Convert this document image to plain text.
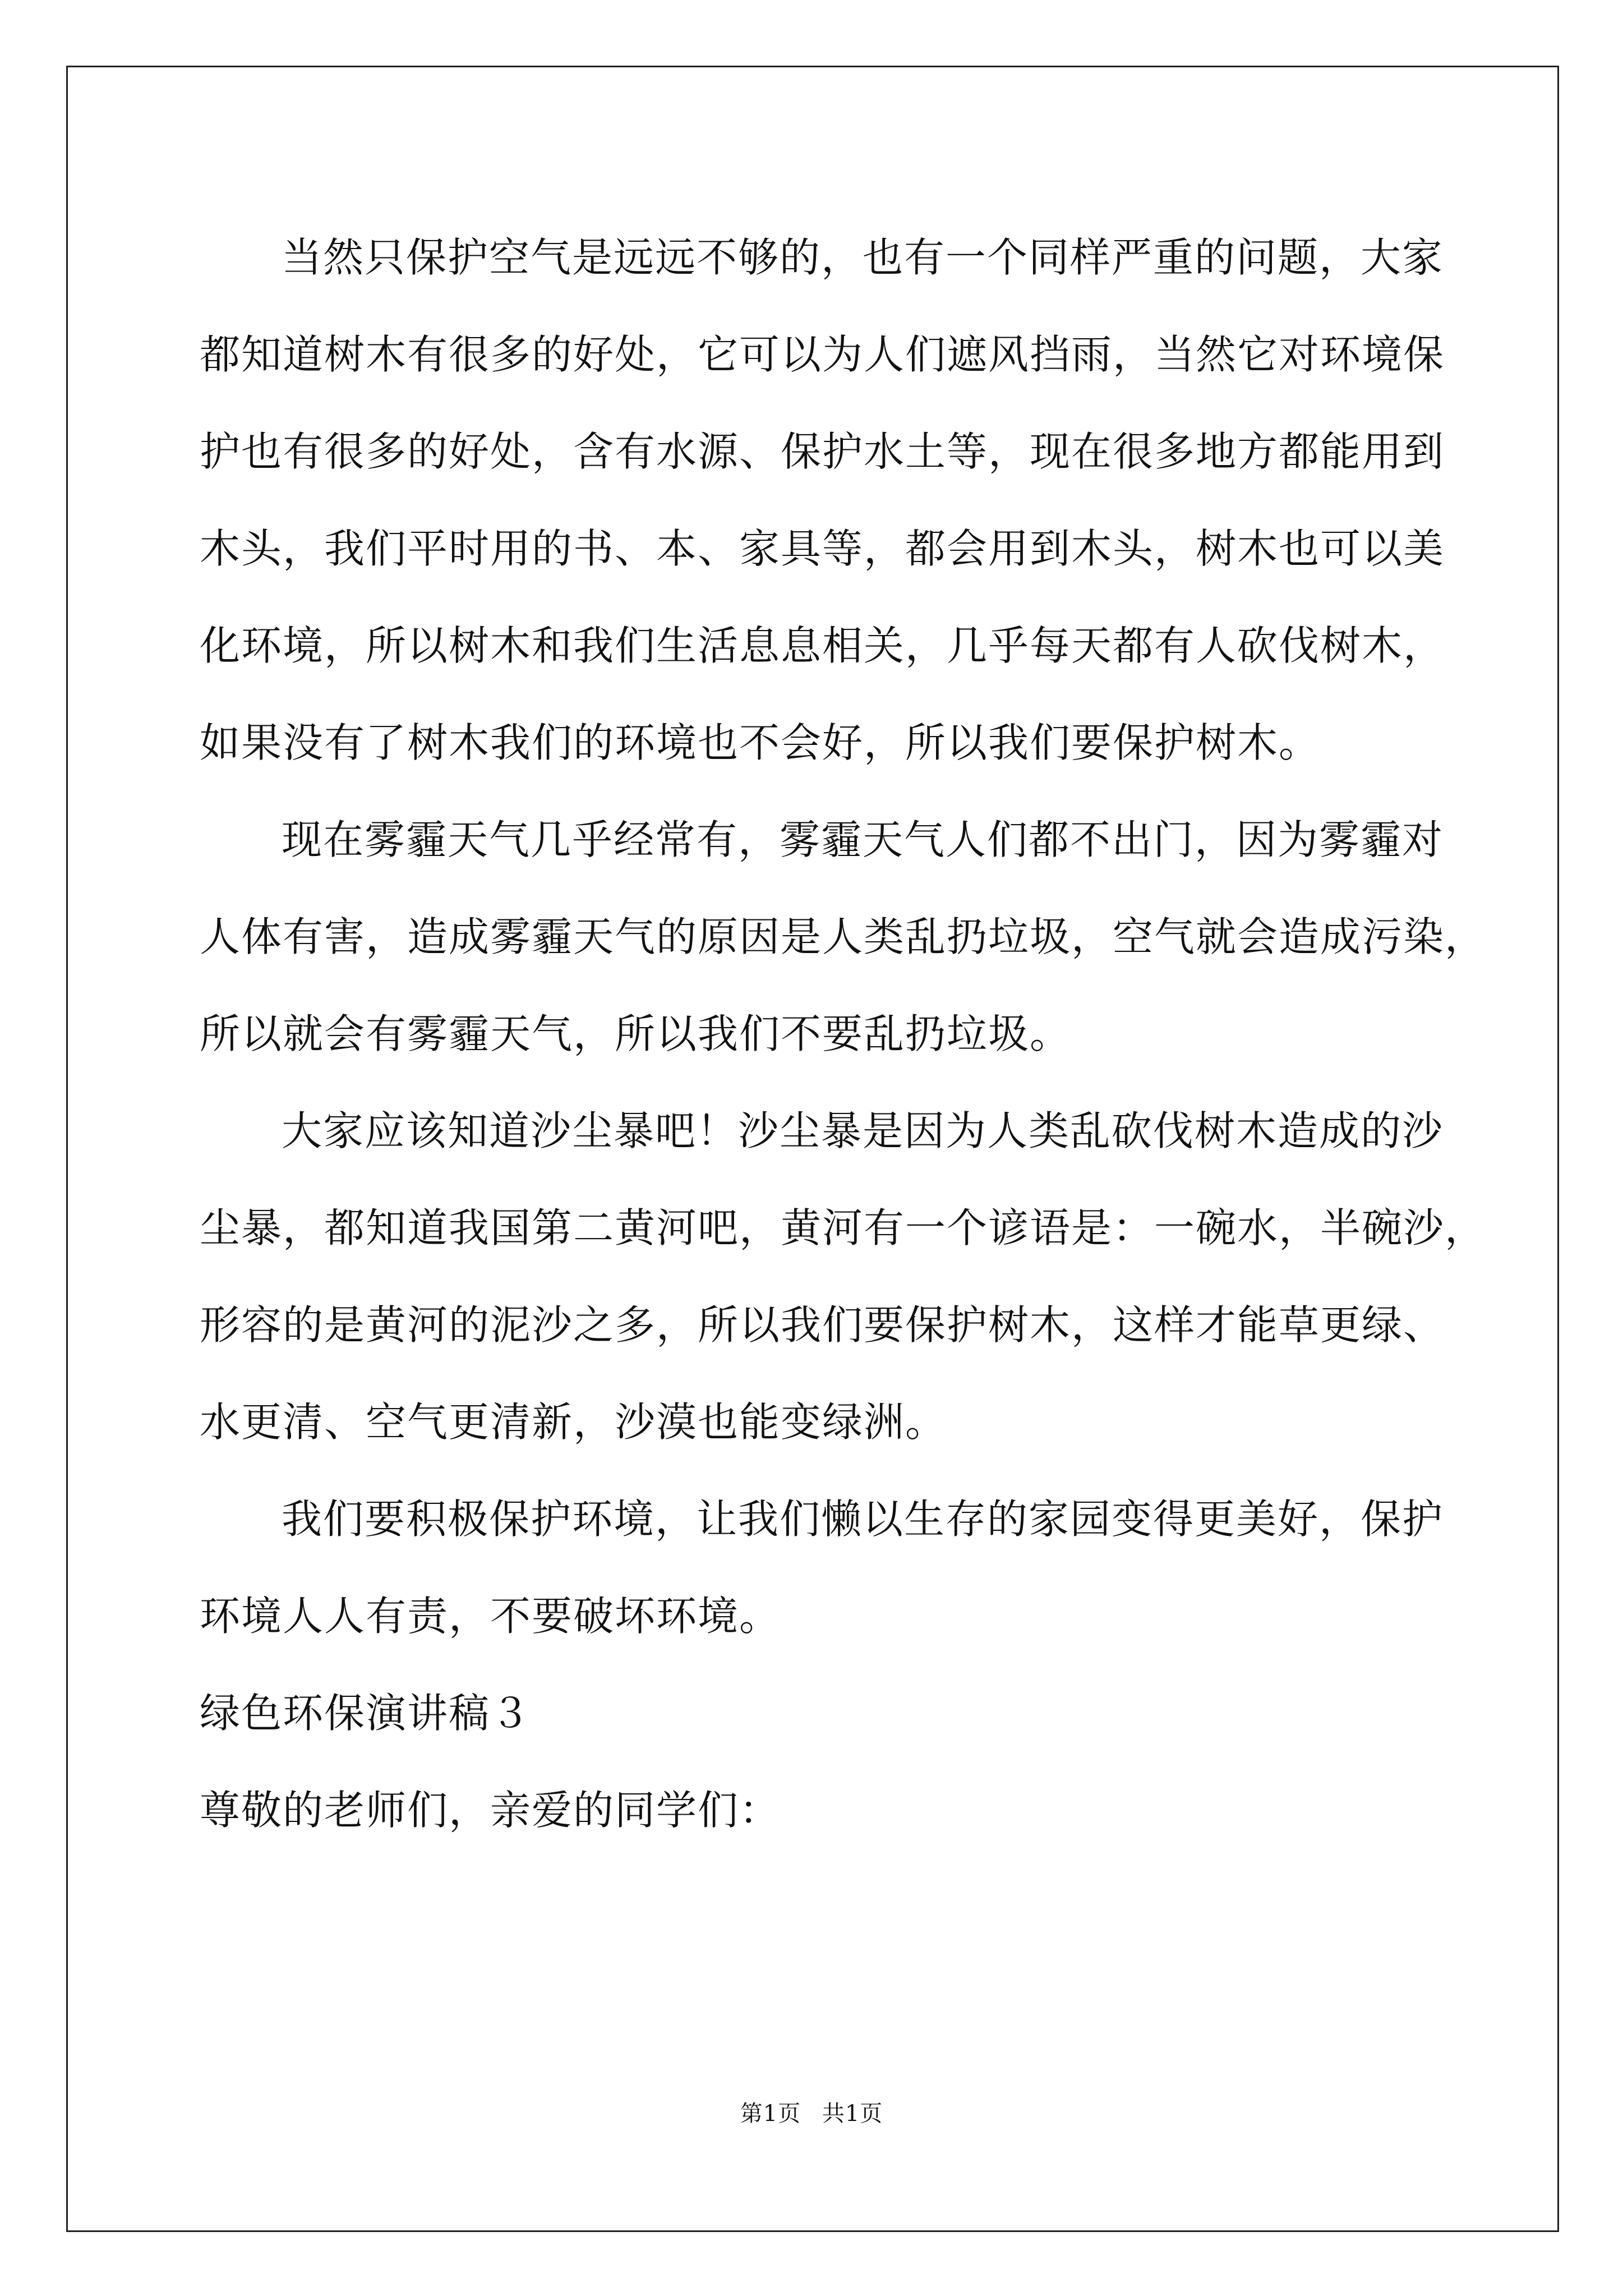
当然只保护空气是远远不够的，也有一个同样严重的问题，大家
都知道树木有很多的好处，它可以为人们遮风挡雨，当然它对环境保
护也有很多的好处，含有水源、保护水土等，现在很多地方都能用到
木头，我们平时用的书、本、家具等，都会用到木头，树木也可以美
化环境，所以树木和我们生活息息相关，几乎每天都有人砍伐树木，
如果没有了树木我们的环境也不会好，所以我们要保护树木。
现在雾霾天气几乎经常有，雾霾天气人们都不出门，因为雾霾对
人体有害，造成雾霾天气的原因是人类乱扔垃圾，空气就会造成污染，
所以就会有雾霾天气，所以我们不要乱扔垃圾。
大家应该知道沙尘暴吧！沙尘暴是因为人类乱砍伐树木造成的沙
尘暴，都知道我国第二黄河吧，黄河有一个谚语是：一碗水，半碗沙，
形容的是黄河的泥沙之多，所以我们要保护树木，这样才能草更绿、
水更清、空气更清新，沙漠也能变绿洲。
我们要积极保护环境，让我们懒以生存的家园变得更美好，保护
环境人人有责，不要破坏环境。
绿色环保演讲稿３
尊敬的老师们，亲爱的同学们：
第1页 共1页
